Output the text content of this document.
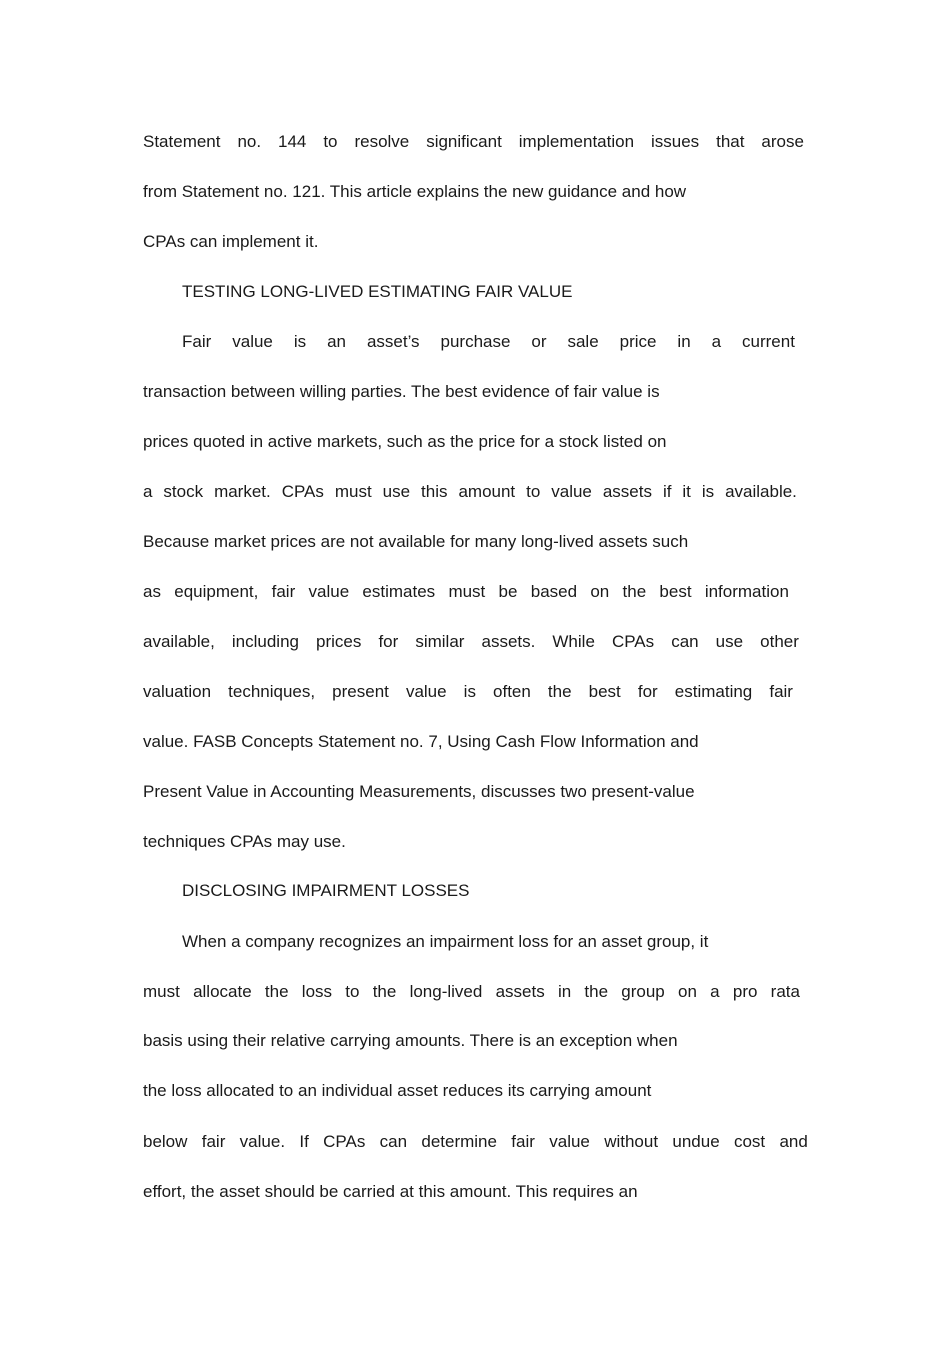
Statement no. 144 to resolve significant implementation issues that arose
from Statement no. 121. This article explains the new guidance and how
CPAs can implement it.
TESTING LONG-LIVED ESTIMATING FAIR VALUE
Fair value is an asset’s purchase or sale price in a current
transaction between willing parties. The best evidence of fair value is
prices quoted in active markets, such as the price for a stock listed on
a stock market. CPAs must use this amount to value assets if it is available.
Because market prices are not available for many long-lived assets such
as equipment, fair value estimates must be based on the best information
available, including prices for similar assets. While CPAs can use other
valuation techniques, present value is often the best for estimating fair
value. FASB Concepts Statement no. 7, Using Cash Flow Information and
Present Value in Accounting Measurements, discusses two present-value
techniques CPAs may use.
DISCLOSING IMPAIRMENT LOSSES
When a company recognizes an impairment loss for an asset group, it
must allocate the loss to the long-lived assets in the group on a pro rata
basis using their relative carrying amounts. There is an exception when
the loss allocated to an individual asset reduces its carrying amount
below fair value. If CPAs can determine fair value without undue cost and
effort, the asset should be carried at this amount. This requires an
